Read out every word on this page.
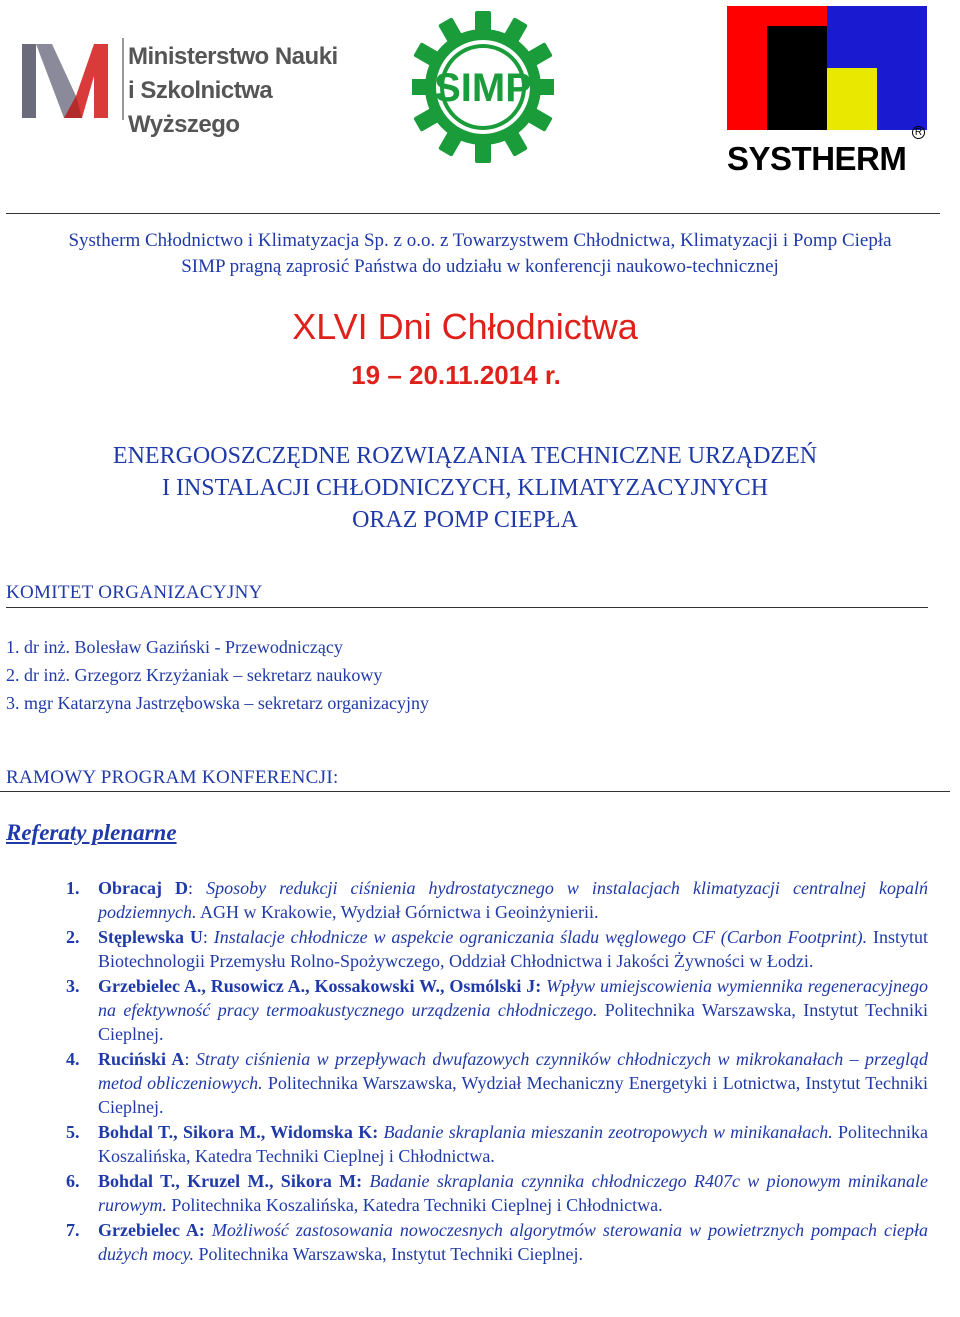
Ministerstwo Nauki
i Szkolnictwa Wyższego
SIMP
R
SYSTHERM
Systherm Chłodnictwo i Klimatyzacja Sp. z o.o. z Towarzystwem Chłodnictwa, Klimatyzacji i Pomp Ciepła
SIMP pragną zaprosić Państwa do udziału w konferencji naukowo-technicznej
XLVI Dni Chłodnictwa
19 – 20.11.2014 r.
ENERGOOSZCZĘDNE ROZWIĄZANIA TECHNICZNE URZĄDZEŃ
I INSTALACJI CHŁODNICZYCH, KLIMATYZACYJNYCH
ORAZ POMP CIEPŁA
KOMITET ORGANIZACYJNY
1. dr inż. Bolesław Gaziński - Przewodniczący
2. dr inż. Grzegorz Krzyżaniak – sekretarz naukowy
3. mgr Katarzyna Jastrzębowska – sekretarz organizacyjny
RAMOWY PROGRAM KONFERENCJI:
Referaty plenarne
1. Obracaj D: Sposoby redukcji ciśnienia hydrostatycznego w instalacjach klimatyzacji centralnej kopalń podziemnych. AGH w Krakowie, Wydział Górnictwa i Geoinżynierii.
2. Stęplewska U: Instalacje chłodnicze w aspekcie ograniczania śladu węglowego CF (Carbon Footprint). Instytut Biotechnologii Przemysłu Rolno-Spożywczego, Oddział Chłodnictwa i Jakości Żywności w Łodzi.
3. Grzebielec A., Rusowicz A., Kossakowski W., Osmólski J: Wpływ umiejscowienia wymiennika regeneracyjnego na efektywność pracy termoakustycznego urządzenia chłodniczego. Politechnika Warszawska, Instytut Techniki Cieplnej.
4. Ruciński A: Straty ciśnienia w przepływach dwufazowych czynników chłodniczych w mikrokanałach – przegląd metod obliczeniowych. Politechnika Warszawska, Wydział Mechaniczny Energetyki i Lotnictwa, Instytut Techniki Cieplnej.
5. Bohdal T., Sikora M., Widomska K: Badanie skraplania mieszanin zeotropowych w minikanałach. Politechnika Koszalińska, Katedra Techniki Cieplnej i Chłodnictwa.
6. Bohdal T., Kruzel M., Sikora M: Badanie skraplania czynnika chłodniczego R407c w pionowym minikanale rurowym. Politechnika Koszalińska, Katedra Techniki Cieplnej i Chłodnictwa.
7. Grzebielec A: Możliwość zastosowania nowoczesnych algorytmów sterowania w powietrznych pompach ciepła dużych mocy. Politechnika Warszawska, Instytut Techniki Cieplnej.
